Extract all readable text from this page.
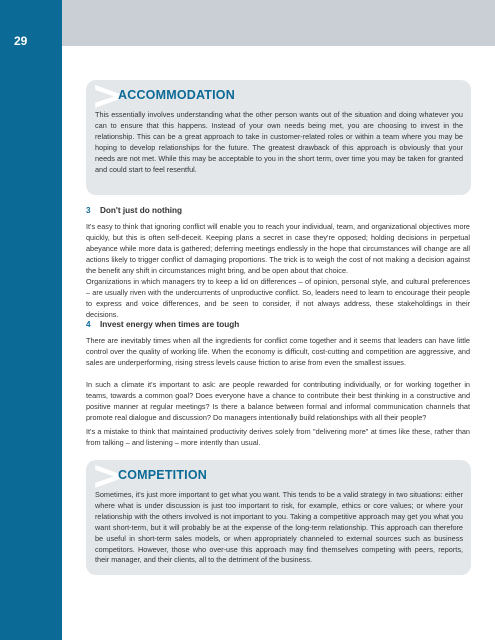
29
>
ACCOMMODATION

This essentially involves understanding what the other person wants out of the situation and doing whatever you can to ensure that this happens. Instead of your own needs being met, you are choosing to invest in the relationship. This can be a great approach to take in customer-related roles or within a team where you may be hoping to develop relationships for the future. The greatest drawback of this approach is obviously that your needs are not met. While this may be acceptable to you in the short term, over time you may be taken for granted and could start to feel resentful.

3 Don't just do nothing

It's easy to think that ignoring conflict will enable you to reach your individual, team, and organizational objectives more quickly, but this is often self-deceit. Keeping plans a secret in case they're opposed; holding decisions in perpetual abeyance while more data is gathered; deferring meetings endlessly in the hope that circumstances will change are all actions likely to trigger conflict of damaging proportions. The trick is to weigh the cost of not making a decision against the benefit any shift in circumstances might bring, and be open about that choice.

Organizations in which managers try to keep a lid on differences – of opinion, personal style, and cultural preferences – are usually riven with the undercurrents of unproductive conflict. So, leaders need to learn to encourage their people to express and voice differences, and be seen to consider, if not always address, these stakeholdings in their decisions.

4 Invest energy when times are tough

There are inevitably times when all the ingredients for conflict come together and it seems that leaders can have little control over the quality of working life. When the economy is difficult, cost-cutting and competition are aggressive, and sales are underperforming, rising stress levels cause friction to arise from even the smallest issues.

In such a climate it's important to ask: are people rewarded for contributing individually, or for working together in teams, towards a common goal? Does everyone have a chance to contribute their best thinking in a constructive and positive manner at regular meetings? Is there a balance between formal and informal communication channels that promote real dialogue and discussion? Do managers intentionally build relationships with all their people?

It's a mistake to think that maintained productivity derives solely from "delivering more" at times like these, rather than from talking – and listening – more intently than usual.

>
COMPETITION

Sometimes, it's just more important to get what you want. This tends to be a valid strategy in two situations: either where what is under discussion is just too important to risk, for example, ethics or core values; or where your relationship with the others involved is not important to you. Taking a competitive approach may get you what you want short-term, but it will probably be at the expense of the long-term relationship. This approach can therefore be useful in short-term sales models, or when appropriately channeled to external sources such as business competitors. However, those who over-use this approach may find themselves competing with peers, reports, their manager, and their clients, all to the detriment of the business.
